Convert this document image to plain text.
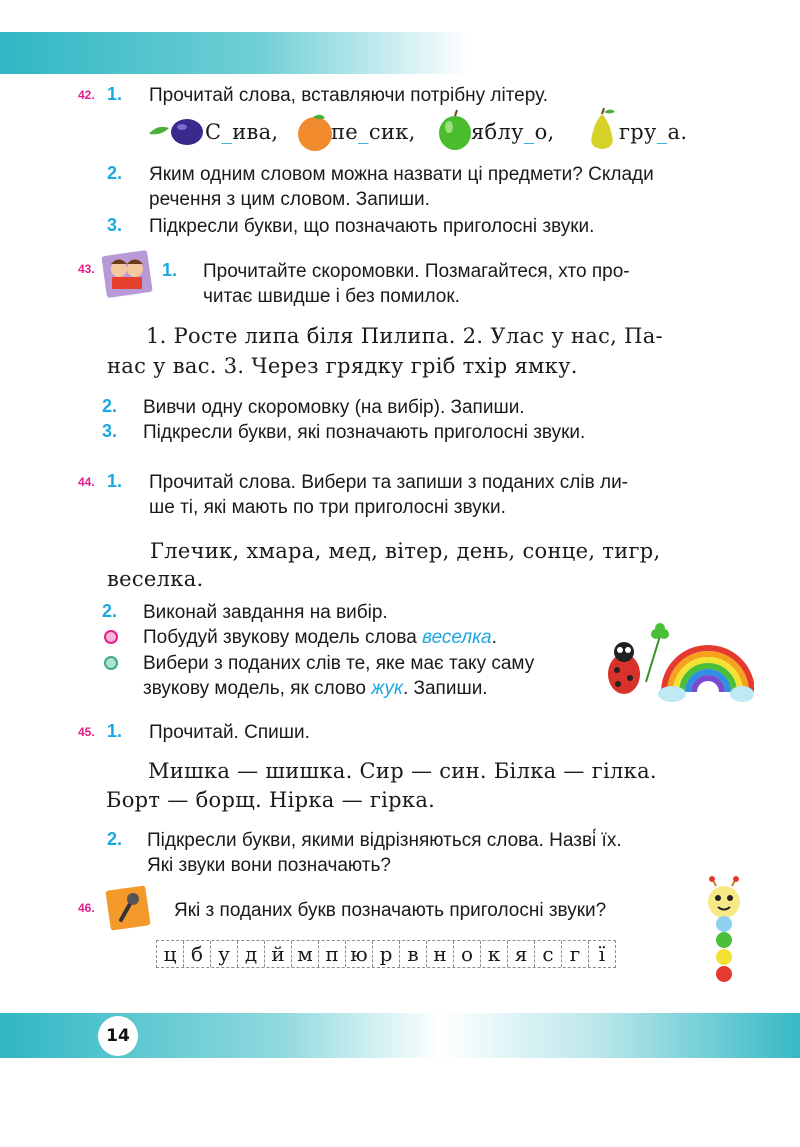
42. 1. Прочитай слова, вставляючи потрібну літеру.
С_ива,	пе_сик,	яблу_о,	гру_а.
2. Яким одним словом можна назвати ці предмети? Склади
речення з цим словом. Запиши.
3. Підкресли букви, що позначають приголосні звуки.
43.	1. Прочитайте скоромовки. Позмагайтеся, хто про-
читає швидше і без помилок.
1. Росте липа біля Пилипа. 2. Улас у нас, Па-
нас у вас. 3. Через грядку гріб тхір ямку.
2. Вивчи одну скоромовку (на вибір). Запиши.
3. Підкресли букви, які позначають приголосні звуки.
44. 1. Прочитай слова. Вибери та запиши з поданих слів ли-
ше ті, які мають по три приголосні звуки.
Глечик, хмара, мед, вітер, день, сонце, тигр,
веселка.
2. Виконай завдання на вибір.
Побудуй звукову модель слова веселка.
Вибери з поданих слів те, яке має таку саму
звукову модель, як слово жук. Запиши.
45. 1. Прочитай. Спиши.
Мишка — шишка. Сир — син. Білка — гілка.
Борт — борщ. Нірка — гірка.
2. Підкресли букви, якими відрізняються слова. Назві́ їх.
Які звуки вони позначають?
46.	Які з поданих букв позначають приголосні звуки?
ц б у д й м п ю р в н о к я с г ї
14
